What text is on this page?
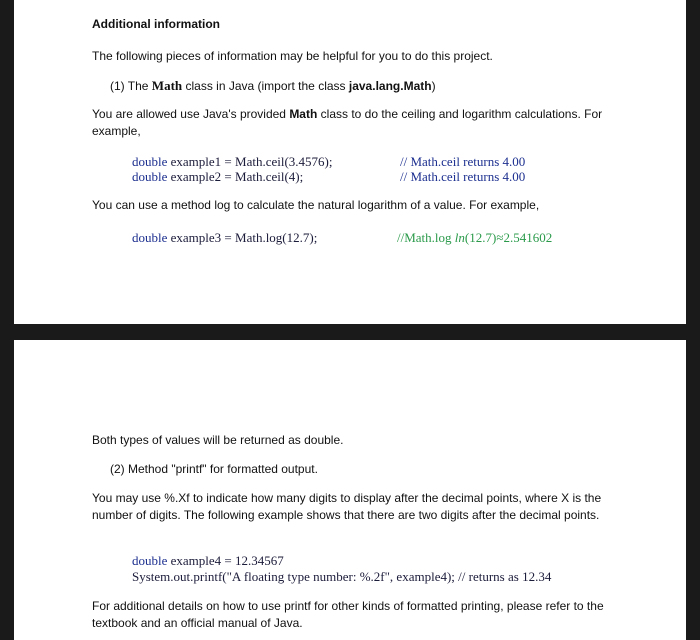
Additional information
The following pieces of information may be helpful for you to do this project.
(1) The Math class in Java (import the class java.lang.Math)
You are allowed use Java's provided Math class to do the ceiling and logarithm calculations. For example,
double example1 = Math.ceil(3.4576);	// Math.ceil returns 4.00
double example2 = Math.ceil(4);	// Math.ceil returns 4.00
You can use a method log to calculate the natural logarithm of a value. For example,
double example3 = Math.log(12.7);	//Math.log ln(12.7)≈2.541602
Both types of values will be returned as double.
(2) Method "printf" for formatted output.
You may use %.Xf to indicate how many digits to display after the decimal points, where X is the number of digits. The following example shows that there are two digits after the decimal points.
double example4 = 12.34567
System.out.printf("A floating type number: %.2f", example4); // returns as 12.34
For additional details on how to use printf for other kinds of formatted printing, please refer to the textbook and an official manual of Java.
